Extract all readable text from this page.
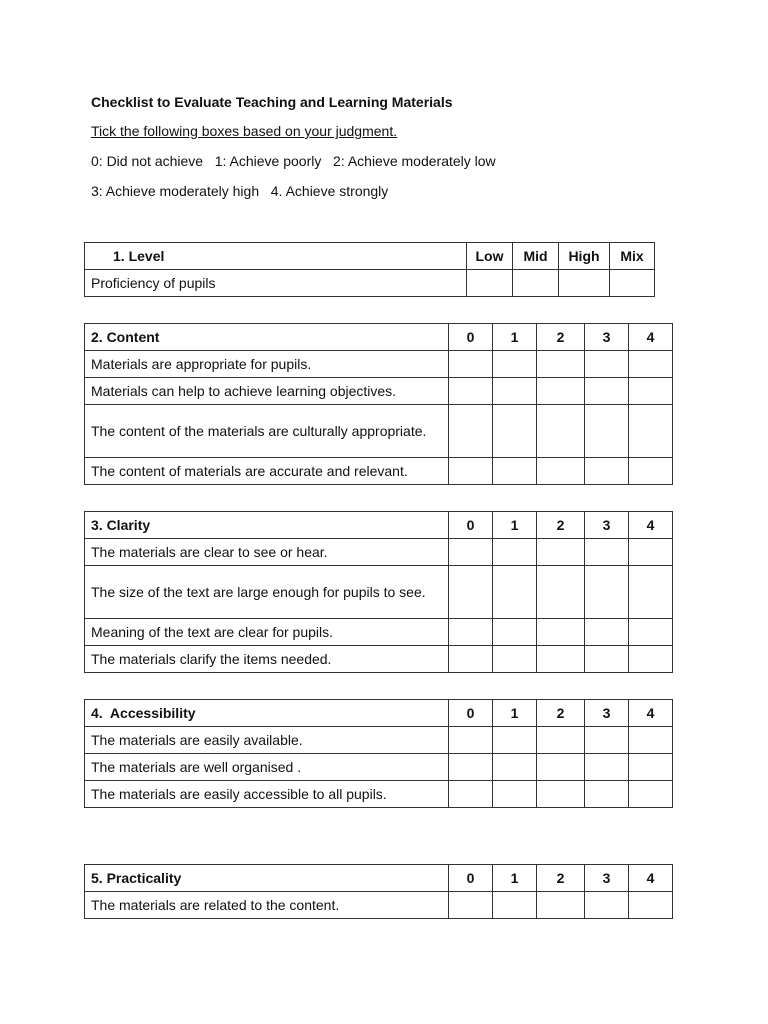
Checklist to Evaluate Teaching and Learning Materials
Tick the following boxes based on your judgment.
0: Did not achieve   1: Achieve poorly   2: Achieve moderately low
3: Achieve moderately high   4. Achieve strongly
1. Level	Low	Mid	High	Mix
Proficiency of pupils				
2. Content	0	1	2	3	4
Materials are appropriate for pupils.					
Materials can help to achieve learning objectives.					
The content of the materials are culturally appropriate.					
The content of materials are accurate and relevant.					
3. Clarity	0	1	2	3	4
The materials are clear to see or hear.					
The size of the text are large enough for pupils to see.					
Meaning of the text are clear for pupils.					
The materials clarify the items needed.					
4.  Accessibility	0	1	2	3	4
The materials are easily available.					
The materials are well organised .					
The materials are easily accessible to all pupils.					
5. Practicality	0	1	2	3	4
The materials are related to the content.					
